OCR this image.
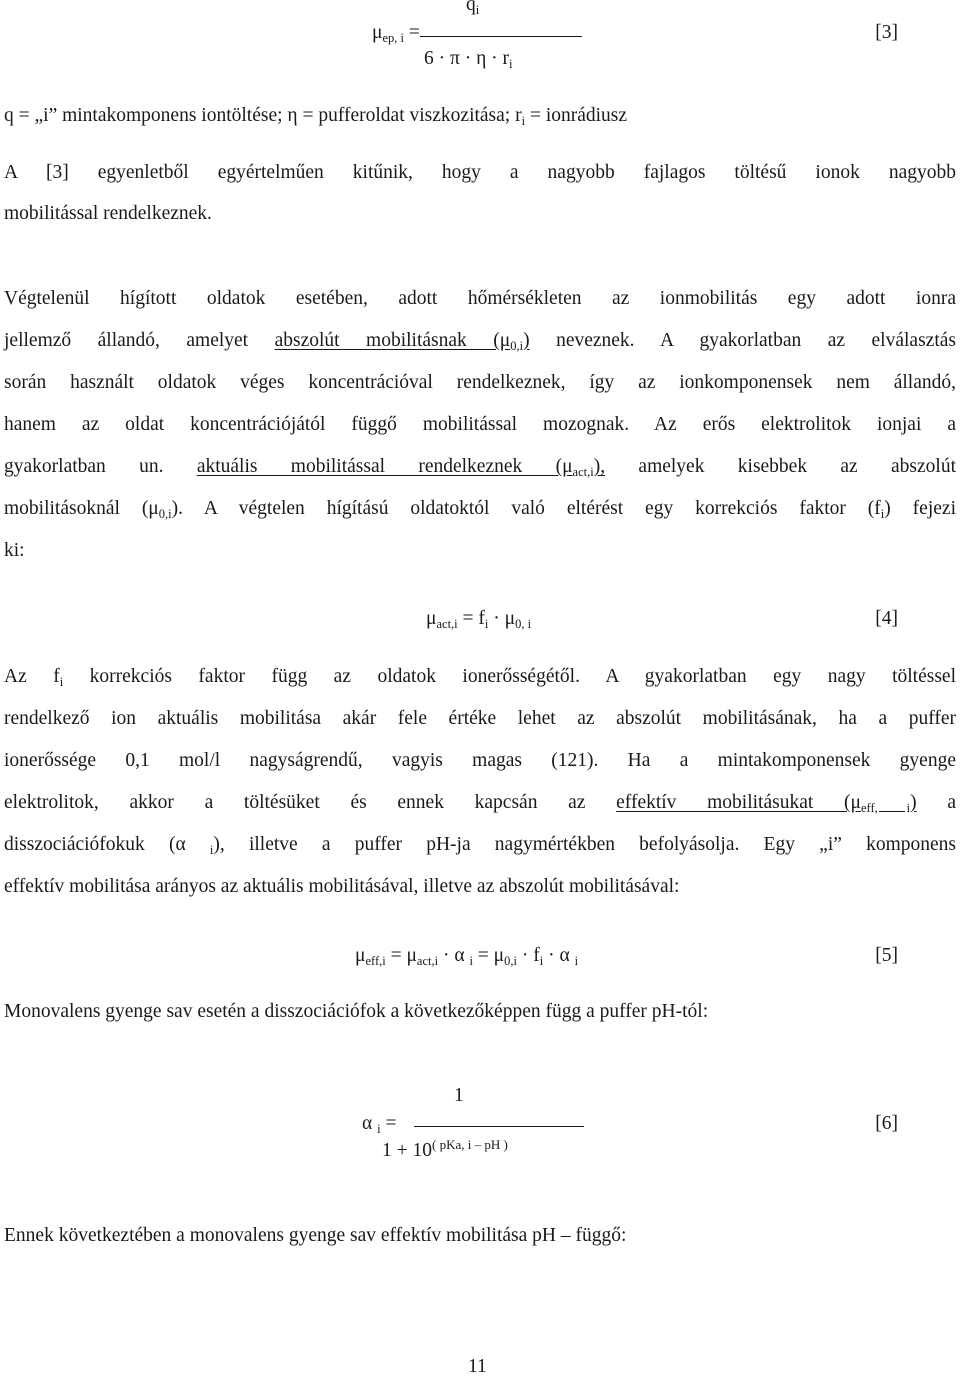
$q_i$
$\mu_{ep, i}$ =
$6 \cdot \pi \cdot \eta \cdot r_i$
[3]
q = „i” mintakomponens iontöltése; η = pufferoldat viszkozitása; $r_i$ = ionrádiusz
A [3] egyenletből egyértelműen kitűnik, hogy a nagyobb fajlagos töltésű ionok nagyobb
mobilitással rendelkeznek.
Végtelenül hígított oldatok esetében, adott hőmérsékleten az ionmobilitás egy adott ionra
jellemző állandó, amelyet abszolút mobilitásnak $(\mu_{0,i})$ neveznek. A gyakorlatban az elválasztás
során használt oldatok véges koncentrációval rendelkeznek, így az ionkomponensek nem állandó,
hanem az oldat koncentrációjától függő mobilitással mozognak. Az erős elektrolitok ionjai a
gyakorlatban un. aktuális mobilitással rendelkeznek $(\mu_{act,i})$, amelyek kisebbek az abszolút
mobilitásoknál $(\mu_{0,i})$. A végtelen hígítású oldatoktól való eltérést egy korrekciós faktor $(f_i)$ fejezi
ki:
$\mu_{act,i} = f_i \cdot \mu_{0, i}$	[4]
Az $f_i$ korrekciós faktor függ az oldatok ionerősségétől. A gyakorlatban egy nagy töltéssel
rendelkező ion aktuális mobilitása akár fele értéke lehet az abszolút mobilitásának, ha a puffer
ionerőssége 0,1 mol/l nagyságrendű, vagyis magas (121). Ha a mintakomponensek gyenge
elektrolitok, akkor a töltésüket és ennek kapcsán az effektív mobilitásukat $(\mu_{eff, i})$ a
disszociációfokuk (α $_i$), illetve a puffer pH-ja nagymértékben befolyásolja. Egy „i” komponens
effektív mobilitása arányos az aktuális mobilitásával, illetve az abszolút mobilitásával:
$\mu_{eff,i} = \mu_{act,i} \cdot \alpha$ $_i = \mu_{0,i} \cdot f_i \cdot \alpha$ $_i$	[5]
Monovalens gyenge sav esetén a disszociációfok a következőképpen függ a puffer pH-tól:
1
α $_i$ =
$1 + 10^{( pKa, i - pH )}$
[6]
Ennek következtében a monovalens gyenge sav effektív mobilitása pH – függő:
11
